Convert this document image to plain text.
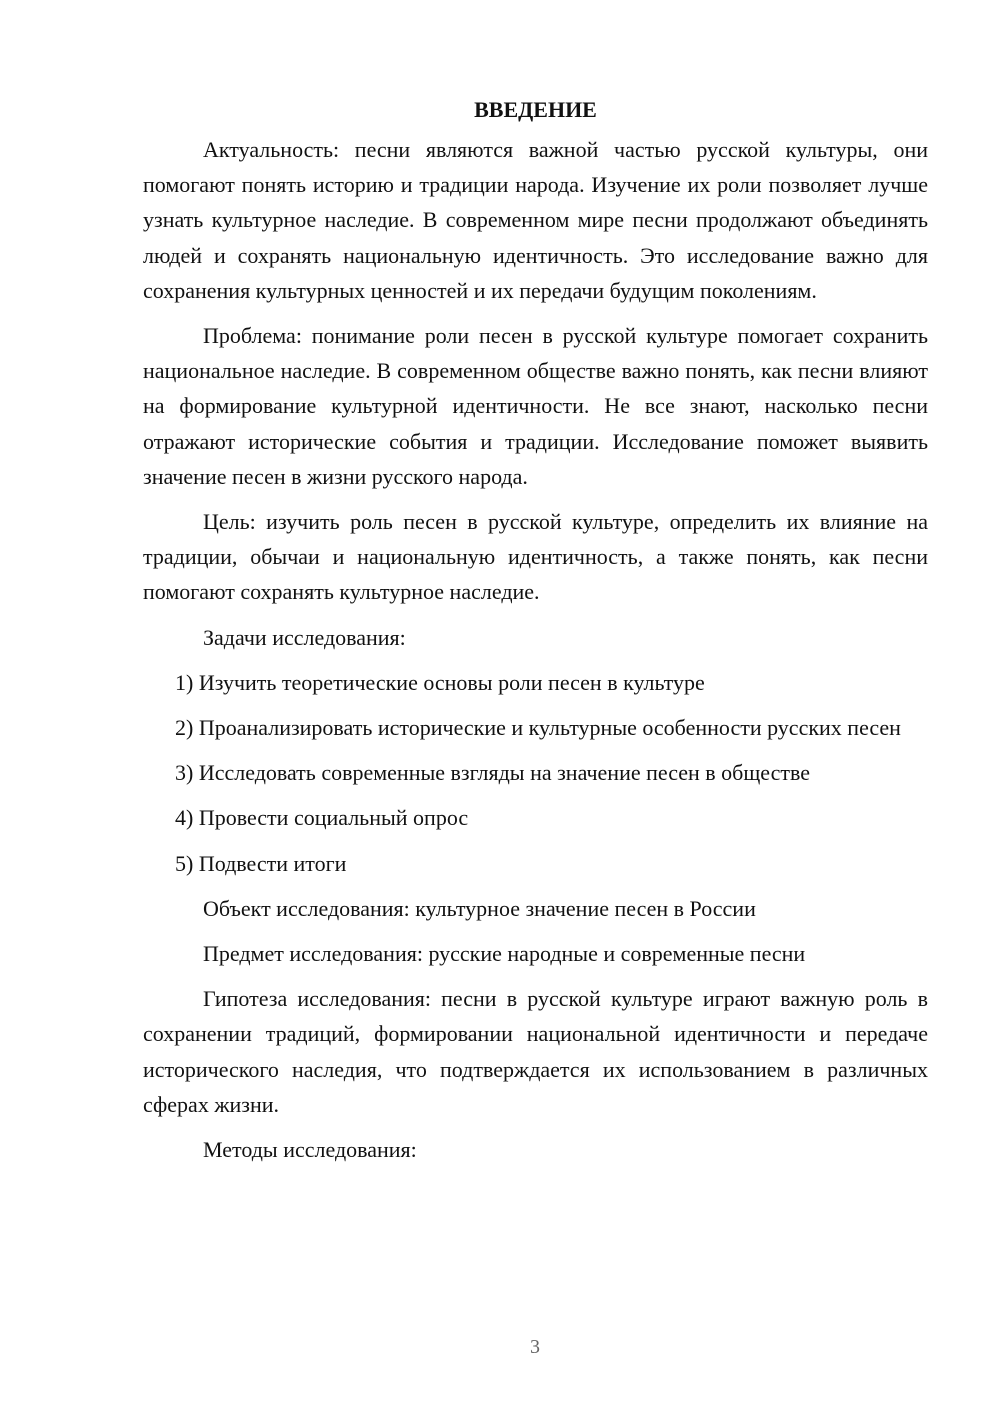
ВВЕДЕНИЕ

Актуальность: песни являются важной частью русской культуры, они помогают понять историю и традиции народа. Изучение их роли позволяет лучше узнать культурное наследие. В современном мире песни продолжают объединять людей и сохранять национальную идентичность. Это исследование важно для сохранения культурных ценностей и их передачи будущим поколениям.

Проблема: понимание роли песен в русской культуре помогает сохранить национальное наследие. В современном обществе важно понять, как песни влияют на формирование культурной идентичности. Не все знают, насколько песни отражают исторические события и традиции. Исследование поможет выявить значение песен в жизни русского народа.

Цель: изучить роль песен в русской культуре, определить их влияние на традиции, обычаи и национальную идентичность, а также понять, как песни помогают сохранять культурное наследие.

Задачи исследования:

1) Изучить теоретические основы роли песен в культуре

2) Проанализировать исторические и культурные особенности русских песен

3) Исследовать современные взгляды на значение песен в обществе

4) Провести социальный опрос

5) Подвести итоги

Объект исследования: культурное значение песен в России

Предмет исследования: русские народные и современные песни

Гипотеза исследования: песни в русской культуре играют важную роль в сохранении традиций, формировании национальной идентичности и передаче исторического наследия, что подтверждается их использованием в различных сферах жизни.

Методы исследования:

3
